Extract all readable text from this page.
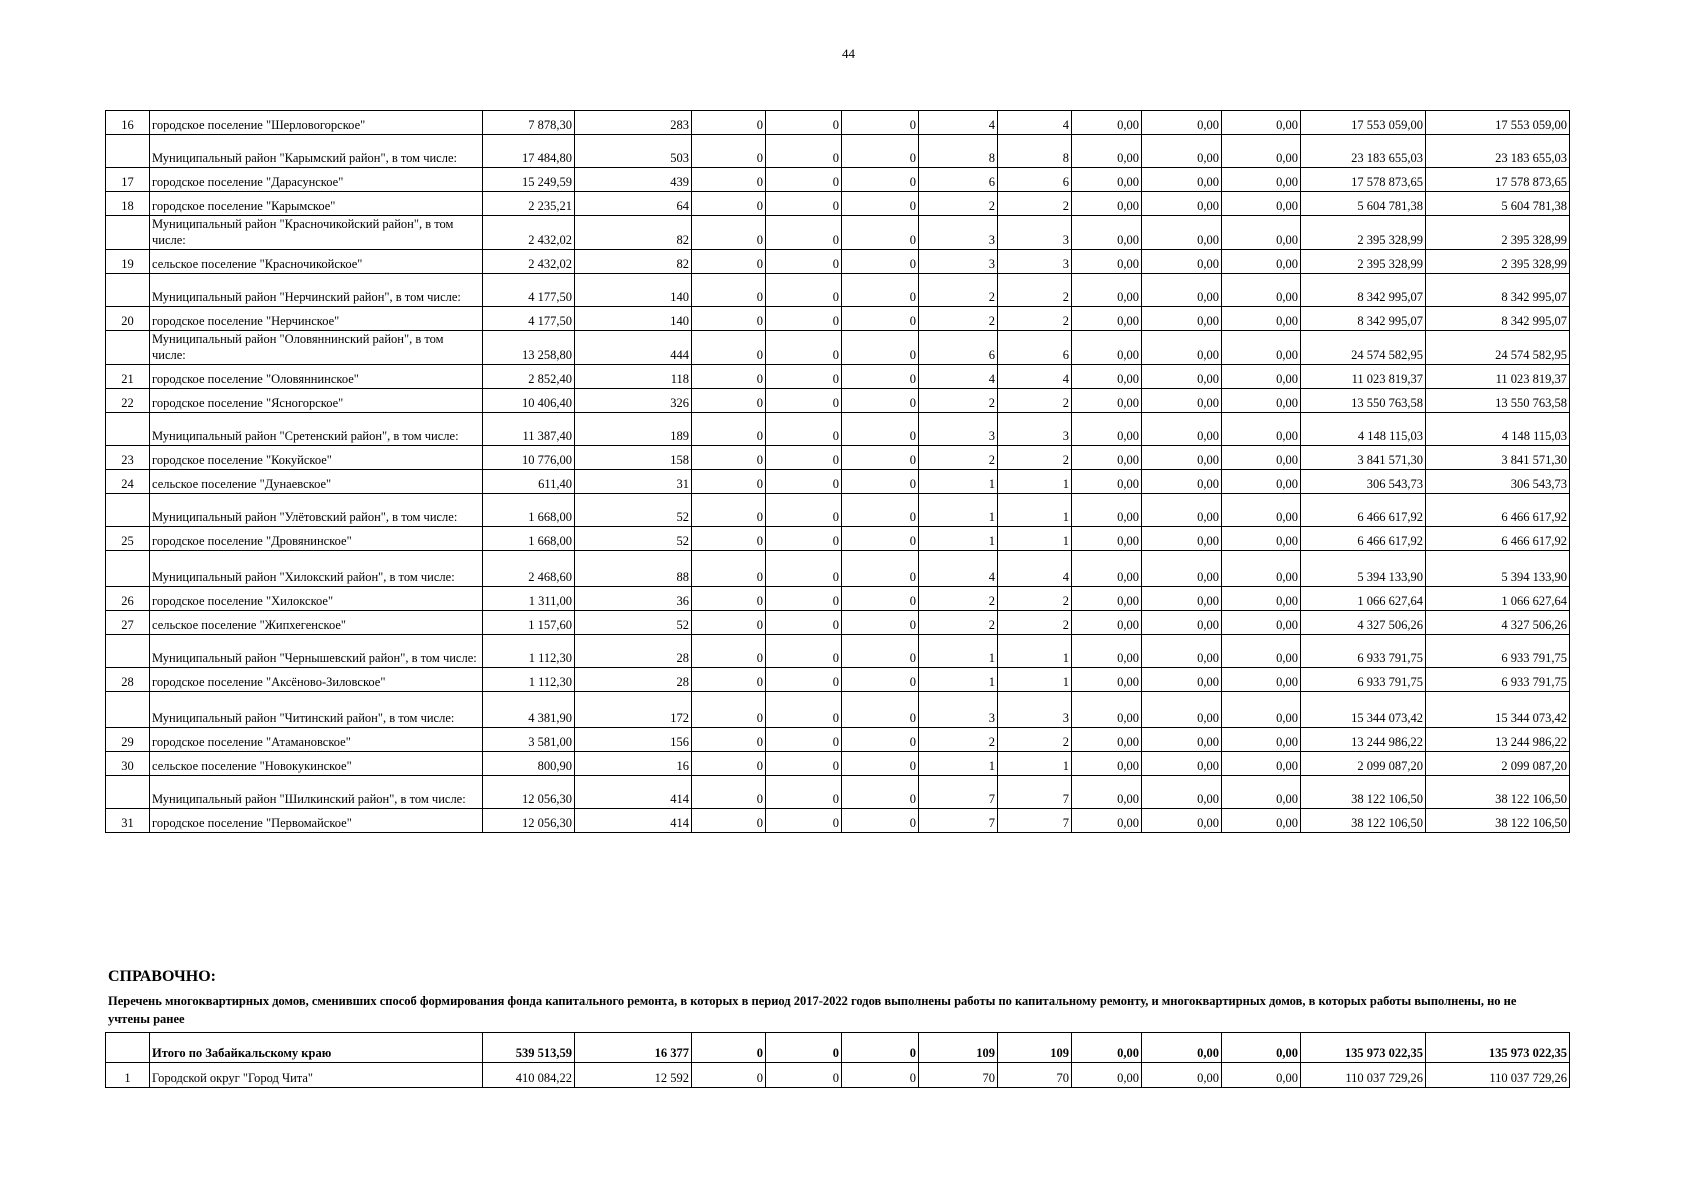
44
16	городское поселение "Шерловогорское"	7 878,30	283	0	0	0	4	4	0,00	0,00	0,00	17 553 059,00	17 553 059,00
	Муниципальный район "Карымский район", в том числе:	17 484,80	503	0	0	0	8	8	0,00	0,00	0,00	23 183 655,03	23 183 655,03
17	городское поселение "Дарасунское"	15 249,59	439	0	0	0	6	6	0,00	0,00	0,00	17 578 873,65	17 578 873,65
18	городское поселение "Карымское"	2 235,21	64	0	0	0	2	2	0,00	0,00	0,00	5 604 781,38	5 604 781,38
	Муниципальный район "Красночикойский район", в том числе:	2 432,02	82	0	0	0	3	3	0,00	0,00	0,00	2 395 328,99	2 395 328,99
19	сельское поселение "Красночикойское"	2 432,02	82	0	0	0	3	3	0,00	0,00	0,00	2 395 328,99	2 395 328,99
	Муниципальный район "Нерчинский район", в том числе:	4 177,50	140	0	0	0	2	2	0,00	0,00	0,00	8 342 995,07	8 342 995,07
20	городское поселение "Нерчинское"	4 177,50	140	0	0	0	2	2	0,00	0,00	0,00	8 342 995,07	8 342 995,07
	Муниципальный район "Оловяннинский район", в том числе:	13 258,80	444	0	0	0	6	6	0,00	0,00	0,00	24 574 582,95	24 574 582,95
21	городское поселение "Оловяннинское"	2 852,40	118	0	0	0	4	4	0,00	0,00	0,00	11 023 819,37	11 023 819,37
22	городское поселение "Ясногорское"	10 406,40	326	0	0	0	2	2	0,00	0,00	0,00	13 550 763,58	13 550 763,58
	Муниципальный район "Сретенский район", в том числе:	11 387,40	189	0	0	0	3	3	0,00	0,00	0,00	4 148 115,03	4 148 115,03
23	городское поселение "Кокуйское"	10 776,00	158	0	0	0	2	2	0,00	0,00	0,00	3 841 571,30	3 841 571,30
24	сельское поселение "Дунаевское"	611,40	31	0	0	0	1	1	0,00	0,00	0,00	306 543,73	306 543,73
	Муниципальный район "Улётовский район", в том числе:	1 668,00	52	0	0	0	1	1	0,00	0,00	0,00	6 466 617,92	6 466 617,92
25	городское поселение "Дровянинское"	1 668,00	52	0	0	0	1	1	0,00	0,00	0,00	6 466 617,92	6 466 617,92
	Муниципальный район "Хилокский район", в том числе:	2 468,60	88	0	0	0	4	4	0,00	0,00	0,00	5 394 133,90	5 394 133,90
26	городское поселение "Хилокское"	1 311,00	36	0	0	0	2	2	0,00	0,00	0,00	1 066 627,64	1 066 627,64
27	сельское поселение "Жипхегенское"	1 157,60	52	0	0	0	2	2	0,00	0,00	0,00	4 327 506,26	4 327 506,26
	Муниципальный район "Чернышевский район", в том числе:	1 112,30	28	0	0	0	1	1	0,00	0,00	0,00	6 933 791,75	6 933 791,75
28	городское поселение "Аксёново-Зиловское"	1 112,30	28	0	0	0	1	1	0,00	0,00	0,00	6 933 791,75	6 933 791,75
	Муниципальный район "Читинский район", в том числе:	4 381,90	172	0	0	0	3	3	0,00	0,00	0,00	15 344 073,42	15 344 073,42
29	городское поселение "Атамановское"	3 581,00	156	0	0	0	2	2	0,00	0,00	0,00	13 244 986,22	13 244 986,22
30	сельское поселение "Новокукинское"	800,90	16	0	0	0	1	1	0,00	0,00	0,00	2 099 087,20	2 099 087,20
	Муниципальный район "Шилкинский район", в том числе:	12 056,30	414	0	0	0	7	7	0,00	0,00	0,00	38 122 106,50	38 122 106,50
31	городское поселение "Первомайское"	12 056,30	414	0	0	0	7	7	0,00	0,00	0,00	38 122 106,50	38 122 106,50
СПРАВОЧНО:
Перечень многоквартирных домов, сменивших способ формирования фонда капитального ремонта, в которых в период 2017-2022 годов выполнены работы по капитальному ремонту, и многоквартирных домов, в которых работы выполнены, но не учтены ранее
	Итого по Забайкальскому краю	539 513,59	16 377	0	0	0	109	109	0,00	0,00	0,00	135 973 022,35	135 973 022,35
1	Городской округ "Город Чита"	410 084,22	12 592	0	0	0	70	70	0,00	0,00	0,00	110 037 729,26	110 037 729,26
